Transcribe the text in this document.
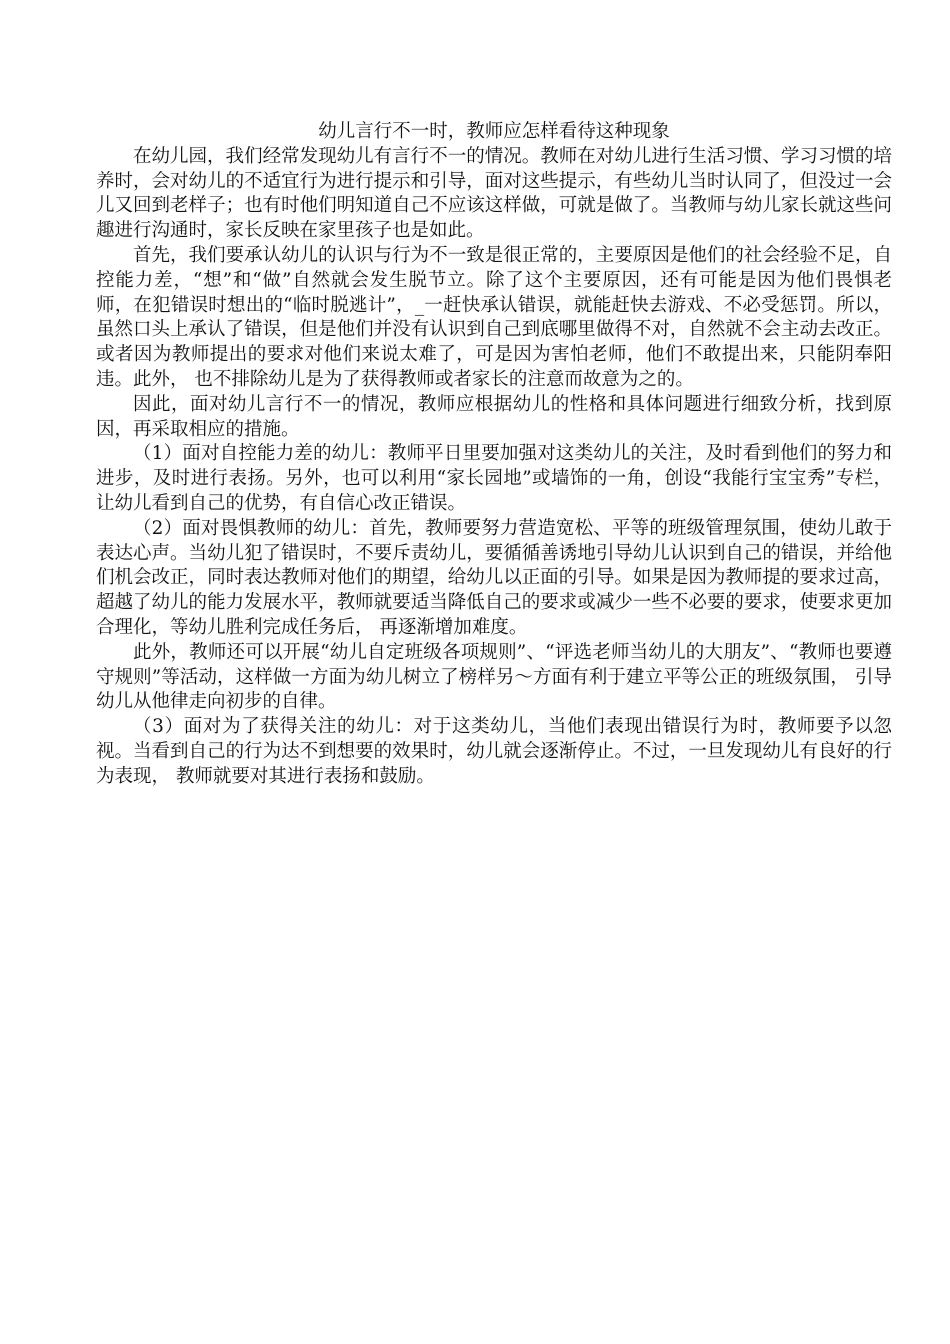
幼儿言行不一时，教师应怎样看待这种现象

在幼儿园，我们经常发现幼儿有言行不一的情况。教师在对幼儿进行生活习惯、学习习惯的培养时，会对幼儿的不适宜行为进行提示和引导，面对这些提示，有些幼儿当时认同了，但没过一会儿又回到老样子；也有时他们明知道自己不应该这样做，可就是做了。当教师与幼儿家长就这些问趣进行沟通时，家长反映在家里孩子也是如此。

首先，我们要承认幼儿的认识与行为不一致是很正常的，主要原因是他们的社会经验不足，自控能力差，“想”和“做”自然就会发生脱节立。除了这个主要原因，还有可能是因为他们畏惧老师，在犯错误时想出的“临时脱逃计”，_一赶快承认错误，就能赶快去游戏、不必受惩罚。所以，虽然口头上承认了错误，但是他们并没有认识到自己到底哪里做得不对，自然就不会主动去改正。或者因为教师提出的要求对他们来说太难了，可是因为害怕老师，他们不敢提出来，只能阴奉阳违。此外， 也不排除幼儿是为了获得教师或者家长的注意而故意为之的。

因此，面对幼儿言行不一的情况，教师应根据幼儿的性格和具体问题进行细致分析，找到原因，再采取相应的措施。

（1）面对自控能力差的幼儿：教师平日里要加强对这类幼儿的关注，及时看到他们的努力和进步，及时进行表扬。另外，也可以利用“家长园地”或墙饰的一角，创设“我能行宝宝秀”专栏，让幼儿看到自己的优势，有自信心改正错误。

（2）面对畏惧教师的幼儿：首先，教师要努力营造宽松、平等的班级管理氛围，使幼儿敢于表达心声。当幼儿犯了错误时，不要斥责幼儿，要循循善诱地引导幼儿认识到自己的错误，并给他们机会改正，同时表达教师对他们的期望，给幼儿以正面的引导。如果是因为教师提的要求过高，超越了幼儿的能力发展水平，教师就要适当降低自己的要求或减少一些不必要的要求，使要求更加合理化，等幼儿胜利完成任务后， 再逐渐增加难度。

此外，教师还可以开展“幼儿自定班级各项规则”、“评选老师当幼儿的大朋友”、“教师也要遵守规则”等活动，这样做一方面为幼儿树立了榜样另～方面有利于建立平等公正的班级氛围， 引导幼儿从他律走向初步的自律。

（3）面对为了获得关注的幼儿：对于这类幼儿，当他们表现出错误行为时，教师要予以忽视。当看到自己的行为达不到想要的效果时，幼儿就会逐渐停止。不过，一旦发现幼儿有良好的行为表现， 教师就要对其进行表扬和鼓励。
